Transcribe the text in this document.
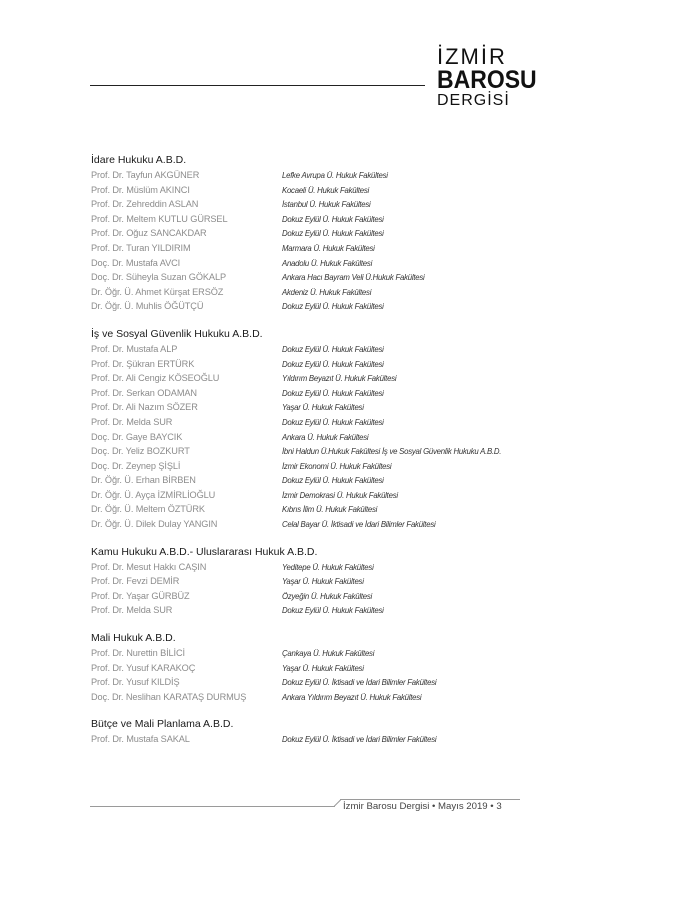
İZMİR
BAROSU
DERGİSİ
İdare Hukuku A.B.D.
Prof. Dr. Tayfun AKGÜNER	Lefke Avrupa Ü. Hukuk Fakültesi
Prof. Dr. Müslüm AKINCI	Kocaeli Ü. Hukuk Fakültesi
Prof. Dr. Zehreddin ASLAN	İstanbul Ü. Hukuk Fakültesi
Prof. Dr. Meltem KUTLU GÜRSEL	Dokuz Eylül Ü. Hukuk Fakültesi
Prof. Dr. Oğuz SANCAKDAR	Dokuz Eylül Ü. Hukuk Fakültesi
Prof. Dr. Turan YILDIRIM	Marmara Ü. Hukuk Fakültesi
Doç. Dr. Mustafa AVCI	Anadolu Ü. Hukuk Fakültesi
Doç. Dr. Süheyla Suzan GÖKALP	Ankara Hacı Bayram Veli Ü.Hukuk Fakültesi
Dr. Öğr. Ü. Ahmet Kürşat ERSÖZ	Akdeniz Ü. Hukuk Fakültesi
Dr. Öğr. Ü. Muhlis ÖĞÜTÇÜ	Dokuz Eylül Ü. Hukuk Fakültesi
İş ve Sosyal Güvenlik Hukuku A.B.D.
Prof. Dr. Mustafa ALP	Dokuz Eylül Ü. Hukuk Fakültesi
Prof. Dr. Şükran ERTÜRK	Dokuz Eylül Ü. Hukuk Fakültesi
Prof. Dr. Ali Cengiz KÖSEOĞLU	Yıldırım Beyazıt Ü. Hukuk Fakültesi
Prof. Dr. Serkan ODAMAN	Dokuz Eylül Ü. Hukuk Fakültesi
Prof. Dr. Ali Nazım SÖZER	Yaşar Ü. Hukuk Fakültesi
Prof. Dr. Melda SUR	Dokuz Eylül Ü. Hukuk Fakültesi
Doç. Dr. Gaye BAYCIK	Ankara Ü. Hukuk Fakültesi
Doç. Dr. Yeliz BOZKURT	İbni Haldun Ü.Hukuk Fakültesi İş ve Sosyal Güvenlik Hukuku A.B.D.
Doç. Dr. Zeynep ŞİŞLİ	İzmir Ekonomi Ü. Hukuk Fakültesi
Dr. Öğr. Ü. Erhan BİRBEN	Dokuz Eylül Ü. Hukuk Fakültesi
Dr. Öğr. Ü. Ayça İZMİRLİOĞLU	İzmir Demokrasi Ü. Hukuk Fakültesi
Dr. Öğr. Ü. Meltem ÖZTÜRK	Kıbrıs İlim Ü. Hukuk Fakültesi
Dr. Öğr. Ü. Dilek Dulay YANGIN	Celal Bayar Ü. İktisadi ve İdari Bilimler Fakültesi
Kamu Hukuku A.B.D.- Uluslararası Hukuk A.B.D.
Prof. Dr. Mesut Hakkı CAŞIN	Yeditepe Ü. Hukuk Fakültesi
Prof. Dr. Fevzi DEMİR	Yaşar Ü. Hukuk Fakültesi
Prof. Dr. Yaşar GÜRBÜZ	Özyeğin Ü. Hukuk Fakültesi
Prof. Dr. Melda SUR	Dokuz Eylül Ü. Hukuk Fakültesi
Mali Hukuk A.B.D.
Prof. Dr. Nurettin BİLİCİ	Çankaya Ü. Hukuk Fakültesi
Prof. Dr. Yusuf KARAKOÇ	Yaşar Ü. Hukuk Fakültesi
Prof. Dr. Yusuf KILDİŞ	Dokuz Eylül Ü. İktisadi ve İdari Bilimler Fakültesi
Doç. Dr. Neslihan KARATAŞ DURMUŞ	Ankara Yıldırım Beyazıt Ü. Hukuk Fakültesi
Bütçe ve Mali Planlama A.B.D.
Prof. Dr. Mustafa SAKAL	Dokuz Eylül Ü. İktisadi ve İdari Bilimler Fakültesi
İzmir Barosu Dergisi • Mayıs 2019 • 3
